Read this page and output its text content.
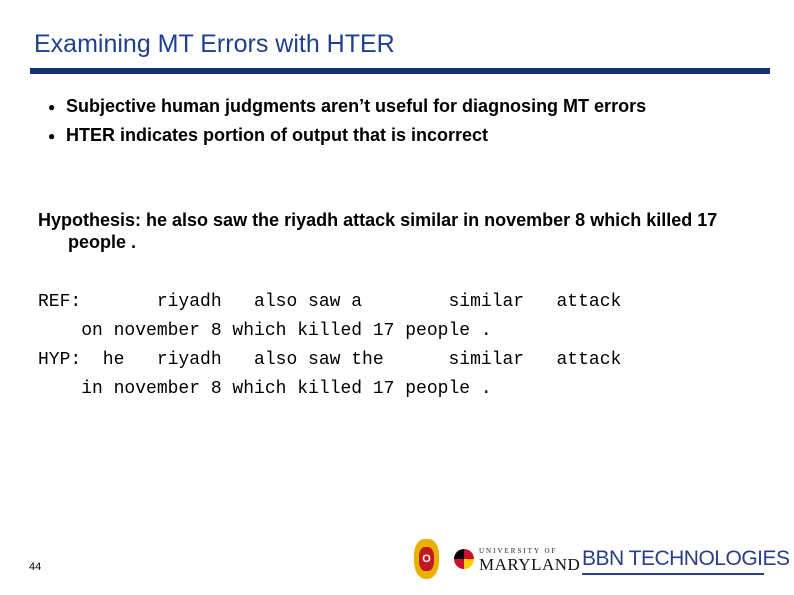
Examining MT Errors with HTER
● Subjective human judgments aren’t useful for diagnosing MT errors
● HTER indicates portion of output that is incorrect
Hypothesis: he also saw the riyadh attack similar in november 8 which killed 17 people .
REF:       riyadh   also saw a        similar   attack
on november 8 which killed 17 people .
HYP:  he   riyadh   also saw the      similar   attack
in november 8 which killed 17 people .
44
O
UNIVERSITY OF
MARYLAND BBN TECHNOLOGIES
